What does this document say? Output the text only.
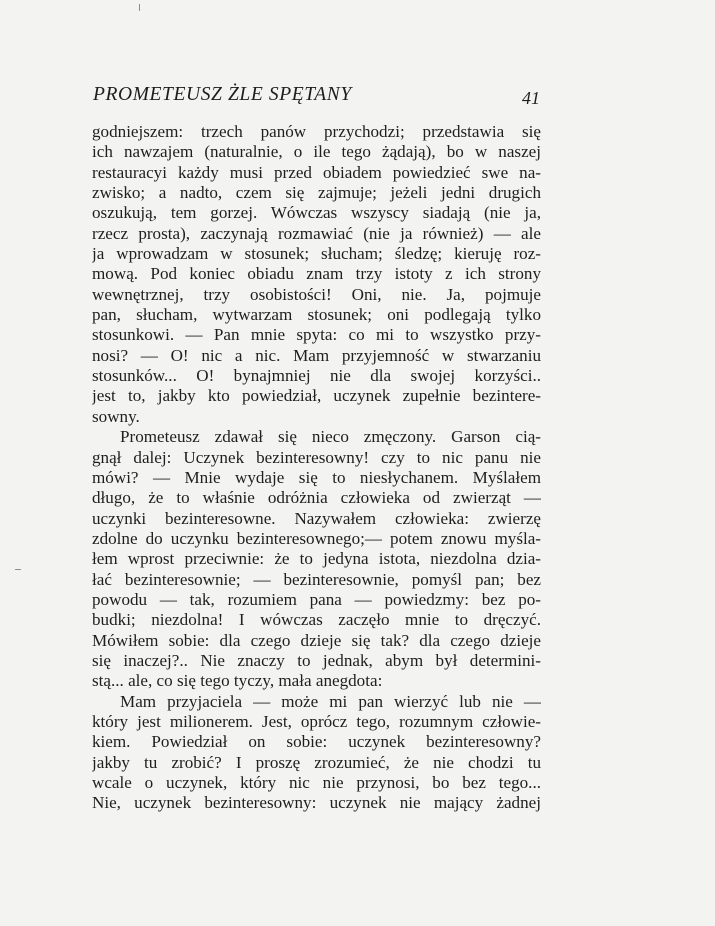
PROMETEUSZ ŻLE SPĘTANY	41
godniejszem: trzech panów przychodzi; przedstawia się
ich nawzajem (naturalnie, o ile tego żądają), bo w naszej
restauracyi każdy musi przed obiadem powiedzieć swe na-
zwisko; a nadto, czem się zajmuje; jeżeli jedni drugich
oszukują, tem gorzej. Wówczas wszyscy siadają (nie ja,
rzecz prosta), zaczynają rozmawiać (nie ja również) — ale
ja wprowadzam w stosunek; słucham; śledzę; kieruję roz-
mową. Pod koniec obiadu znam trzy istoty z ich strony
wewnętrznej, trzy osobistości! Oni, nie. Ja, pojmuje
pan, słucham, wytwarzam stosunek; oni podlegają tylko
stosunkowi. — Pan mnie spyta: co mi to wszystko przy-
nosi? — O! nic a nic. Mam przyjemność w stwarzaniu
stosunków... O! bynajmniej nie dla swojej korzyści..
jest to, jakby kto powiedział, uczynek zupełnie bezintere-
sowny.
Prometeusz zdawał się nieco zmęczony. Garson cią-
gnął dalej: Uczynek bezinteresowny! czy to nic panu nie
mówi? — Mnie wydaje się to niesłychanem. Myślałem
długo, że to właśnie odróżnia człowieka od zwierząt —
uczynki bezinteresowne. Nazywałem człowieka: zwierzę
zdolne do uczynku bezinteresownego;— potem znowu myśla-
łem wprost przeciwnie: że to jedyna istota, niezdolna dzia-
łać bezinteresownie; — bezinteresownie, pomyśl pan; bez
powodu — tak, rozumiem pana — powiedzmy: bez po-
budki; niezdolna! I wówczas zaczęło mnie to dręczyć.
Mówiłem sobie: dla czego dzieje się tak? dla czego dzieje
się inaczej?.. Nie znaczy to jednak, abym był determini-
stą... ale, co się tego tyczy, mała anegdota:
Mam przyjaciela — może mi pan wierzyć lub nie —
który jest milionerem. Jest, oprócz tego, rozumnym człowie-
kiem. Powiedział on sobie: uczynek bezinteresowny?
jakby tu zrobić? I proszę zrozumieć, że nie chodzi tu
wcale o uczynek, który nic nie przynosi, bo bez tego...
Nie, uczynek bezinteresowny: uczynek nie mający żadnej
